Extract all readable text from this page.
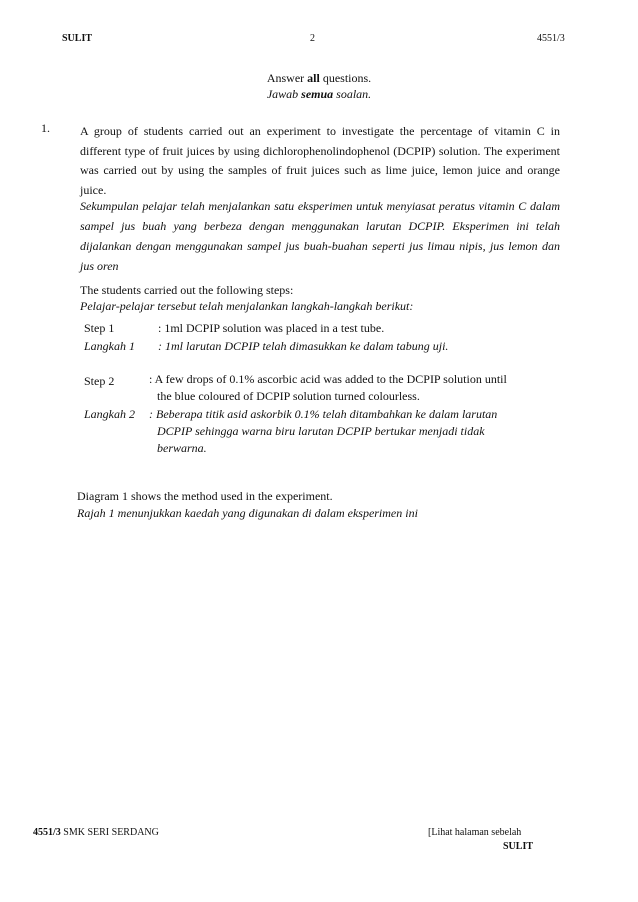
SULIT	2	4551/3
Answer all questions.
Jawab semua soalan.
1.	A group of students carried out an experiment to investigate the percentage of vitamin C in different type of fruit juices by using dichlorophenolindophenol (DCPIP) solution. The experiment was carried out by using the samples of fruit juices such as lime juice, lemon juice and orange juice.
Sekumpulan pelajar telah menjalankan satu eksperimen untuk menyiasat peratus vitamin C dalam sampel jus buah yang berbeza dengan menggunakan larutan DCPIP. Eksperimen ini telah dijalankan dengan menggunakan sampel jus buah-buahan seperti jus limau nipis, jus lemon dan jus oren
The students carried out the following steps:
Pelajar-pelajar tersebut telah menjalankan langkah-langkah berikut:
Step 1	: 1ml DCPIP solution was placed in a test tube.
Langkah 1 : 1ml larutan DCPIP telah dimasukkan ke dalam tabung uji.
Step 2	: A few drops of 0.1% ascorbic acid was added to the DCPIP solution until
the blue coloured of DCPIP solution turned colourless.
Langkah 2 : Beberapa titik asid askorbik 0.1% telah ditambahkan ke dalam larutan
DCPIP sehingga warna biru larutan DCPIP bertukar menjadi tidak
berwarna.
Diagram 1 shows the method used in the experiment.
Rajah 1 menunjukkan kaedah yang digunakan di dalam eksperimen ini
4551/3 SMK SERI SERDANG	[Lihat halaman sebelah
SULIT
